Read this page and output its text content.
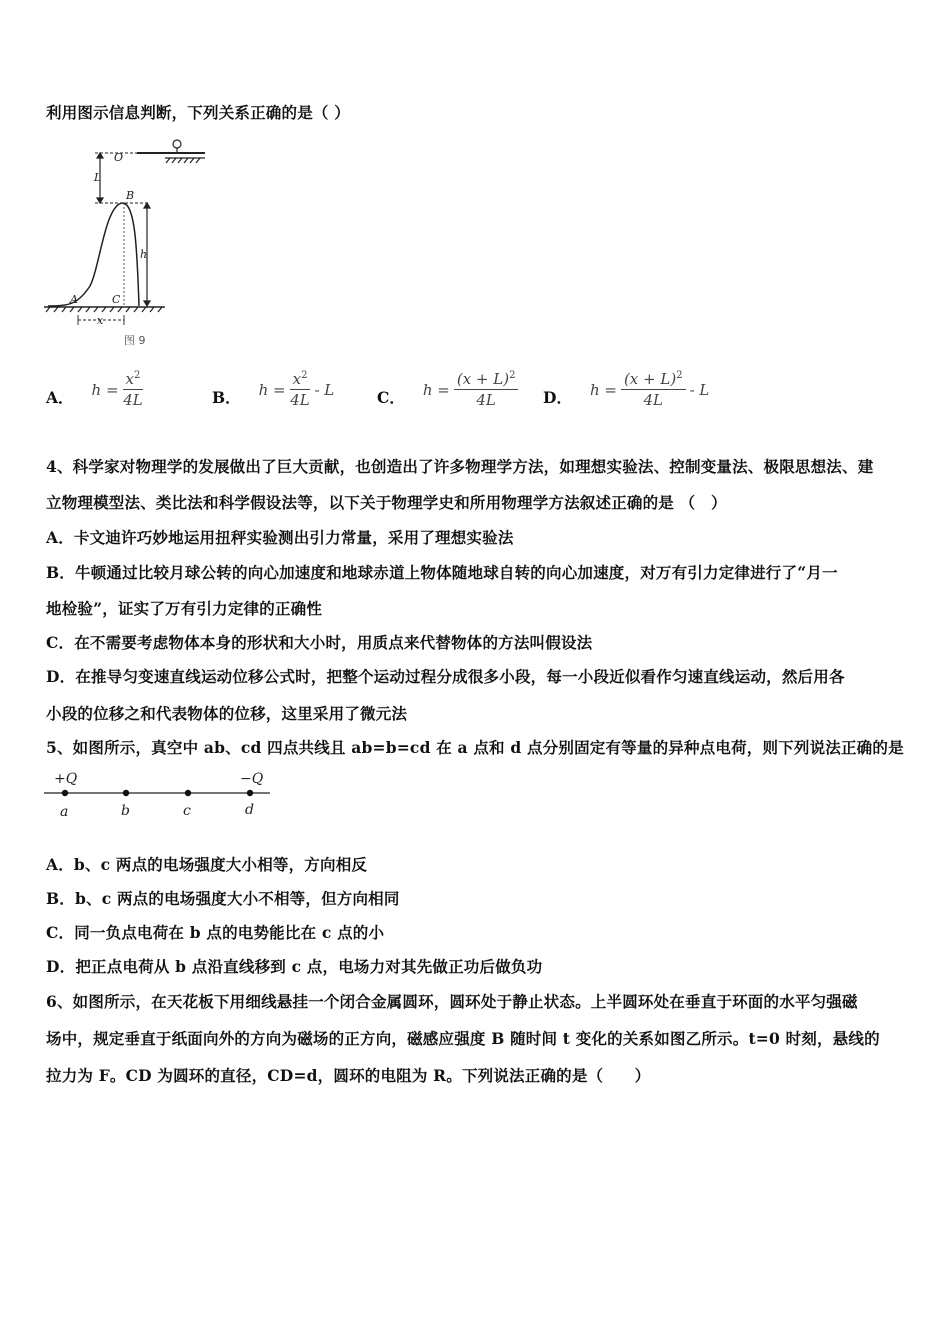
利用图示信息判断，下列关系正确的是（ ）
O
L
B
h
A	C
x
图 9
A． $h = \frac{x^2}{4L}$	B． $h = \frac{x^2}{4L} - L$	C． $h = \frac{(x + L)^2}{4L}$ D． $h = \frac{(x + L)^2}{4L} - L$
4、科学家对物理学的发展做出了巨大贡献，也创造出了许多物理学方法，如理想实验法、控制变量法、极限思想法、建
立物理模型法、类比法和科学假设法等，以下关于物理学史和所用物理学方法叙述正确的是 （　）
A．卡文迪许巧妙地运用扭秤实验测出引力常量，采用了理想实验法
B．牛顿通过比较月球公转的向心加速度和地球赤道上物体随地球自转的向心加速度，对万有引力定律进行了“月一
地检验”，证实了万有引力定律的正确性
C．在不需要考虑物体本身的形状和大小时，用质点来代替物体的方法叫假设法
D．在推导匀变速直线运动位移公式时，把整个运动过程分成很多小段，每一小段近似看作匀速直线运动，然后用各
小段的位移之和代表物体的位移，这里采用了微元法
5、如图所示，真空中 ab、cd 四点共线且 ab=b=cd 在 a 点和 d 点分别固定有等量的异种点电荷，则下列说法正确的是
+Q	−Q
a	b	c	d
A．b、c 两点的电场强度大小相等，方向相反
B．b、c 两点的电场强度大小不相等，但方向相同
C．同一负点电荷在 b 点的电势能比在 c 点的小
D．把正点电荷从 b 点沿直线移到 c 点，电场力对其先做正功后做负功
6、如图所示，在天花板下用细线悬挂一个闭合金属圆环，圆环处于静止状态。上半圆环处在垂直于环面的水平匀强磁
场中，规定垂直于纸面向外的方向为磁场的正方向，磁感应强度 B 随时间 t 变化的关系如图乙所示。t=0 时刻，悬线的
拉力为 F。CD 为圆环的直径，CD=d，圆环的电阻为 R。下列说法正确的是（　　）
